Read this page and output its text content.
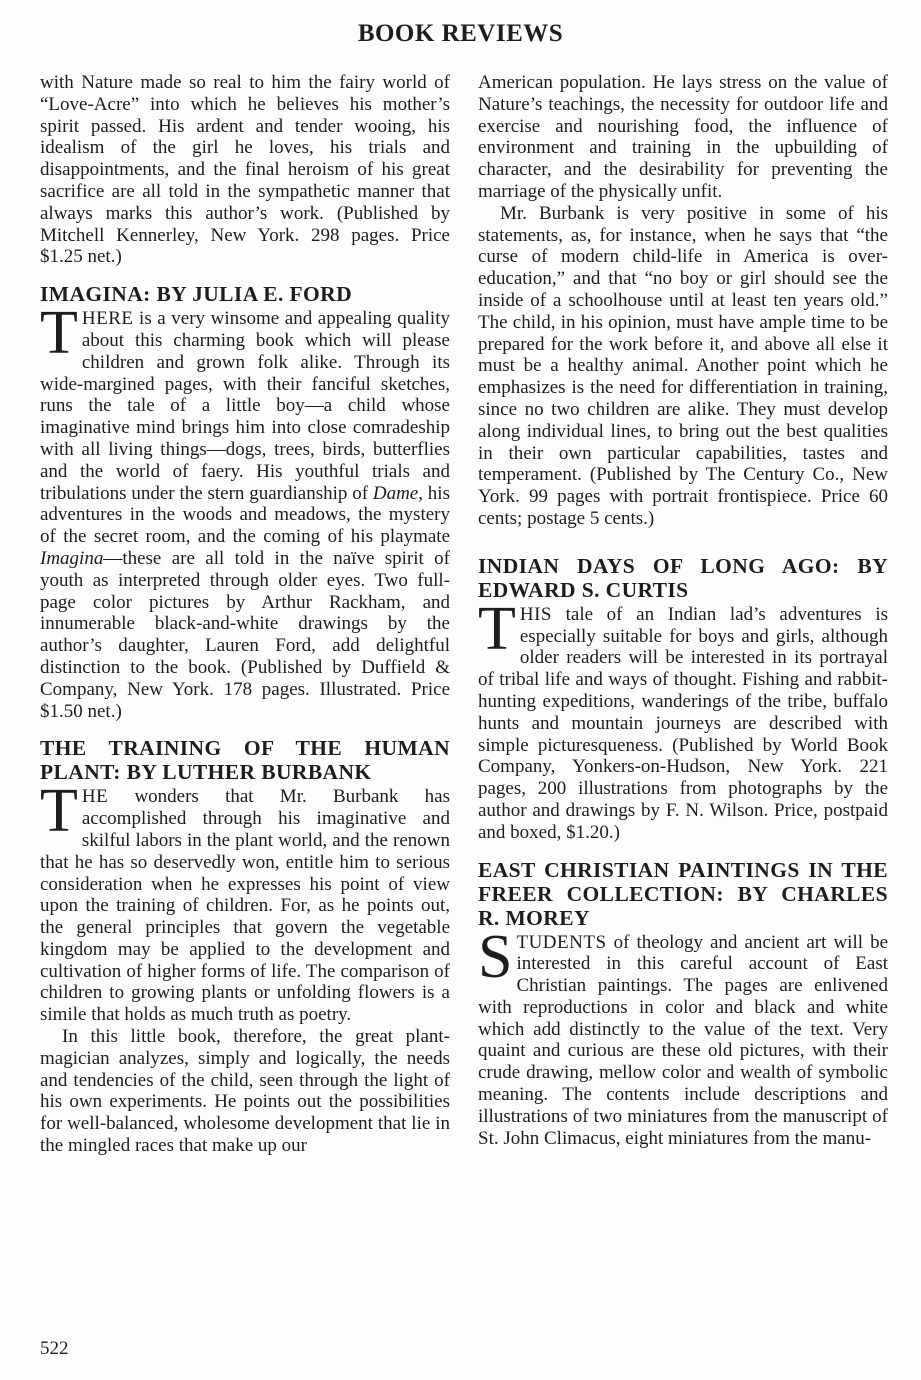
BOOK REVIEWS

with Nature made so real to him the fairy world of “Love-Acre” into which he believes his mother’s spirit passed. His ardent and tender wooing, his idealism of the girl he loves, his trials and disappointments, and the final heroism of his great sacrifice are all told in the sympathetic manner that always marks this author’s work. (Published by Mitchell Kennerley, New York. 298 pages. Price $1.25 net.)

IMAGINA: BY JULIA E. FORD

THERE is a very winsome and appealing quality about this charming book which will please children and grown folk alike. Through its wide-margined pages, with their fanciful sketches, runs the tale of a little boy—a child whose imaginative mind brings him into close comradeship with all living things—dogs, trees, birds, butterflies and the world of faery. His youthful trials and tribulations under the stern guardianship of Dame, his adventures in the woods and meadows, the mystery of the secret room, and the coming of his playmate Imagina—these are all told in the naïve spirit of youth as interpreted through older eyes. Two full-page color pictures by Arthur Rackham, and innumerable black-and-white drawings by the author’s daughter, Lauren Ford, add delightful distinction to the book. (Published by Duffield & Company, New York. 178 pages. Illustrated. Price $1.50 net.)

THE TRAINING OF THE HUMAN PLANT: BY LUTHER BURBANK

THE wonders that Mr. Burbank has accomplished through his imaginative and skilful labors in the plant world, and the renown that he has so deservedly won, entitle him to serious consideration when he expresses his point of view upon the training of children. For, as he points out, the general principles that govern the vegetable kingdom may be applied to the development and cultivation of higher forms of life. The comparison of children to growing plants or unfolding flowers is a simile that holds as much truth as poetry.

In this little book, therefore, the great plant-magician analyzes, simply and logically, the needs and tendencies of the child, seen through the light of his own experiments. He points out the possibilities for well-balanced, wholesome development that lie in the mingled races that make up our

American population. He lays stress on the value of Nature’s teachings, the necessity for outdoor life and exercise and nourishing food, the influence of environment and training in the upbuilding of character, and the desirability for preventing the marriage of the physically unfit.

Mr. Burbank is very positive in some of his statements, as, for instance, when he says that “the curse of modern child-life in America is over-education,” and that “no boy or girl should see the inside of a schoolhouse until at least ten years old.” The child, in his opinion, must have ample time to be prepared for the work before it, and above all else it must be a healthy animal. Another point which he emphasizes is the need for differentiation in training, since no two children are alike. They must develop along individual lines, to bring out the best qualities in their own particular capabilities, tastes and temperament. (Published by The Century Co., New York. 99 pages with portrait frontispiece. Price 60 cents; postage 5 cents.)

INDIAN DAYS OF LONG AGO: BY EDWARD S. CURTIS

THIS tale of an Indian lad’s adventures is especially suitable for boys and girls, although older readers will be interested in its portrayal of tribal life and ways of thought. Fishing and rabbit-hunting expeditions, wanderings of the tribe, buffalo hunts and mountain journeys are described with simple picturesqueness. (Published by World Book Company, Yonkers-on-Hudson, New York. 221 pages, 200 illustrations from photographs by the author and drawings by F. N. Wilson. Price, postpaid and boxed, $1.20.)

EAST CHRISTIAN PAINTINGS IN THE FREER COLLECTION: BY CHARLES R. MOREY

STUDENTS of theology and ancient art will be interested in this careful account of East Christian paintings. The pages are enlivened with reproductions in color and black and white which add distinctly to the value of the text. Very quaint and curious are these old pictures, with their crude drawing, mellow color and wealth of symbolic meaning. The contents include descriptions and illustrations of two miniatures from the manuscript of St. John Climacus, eight miniatures from the manu-

522
